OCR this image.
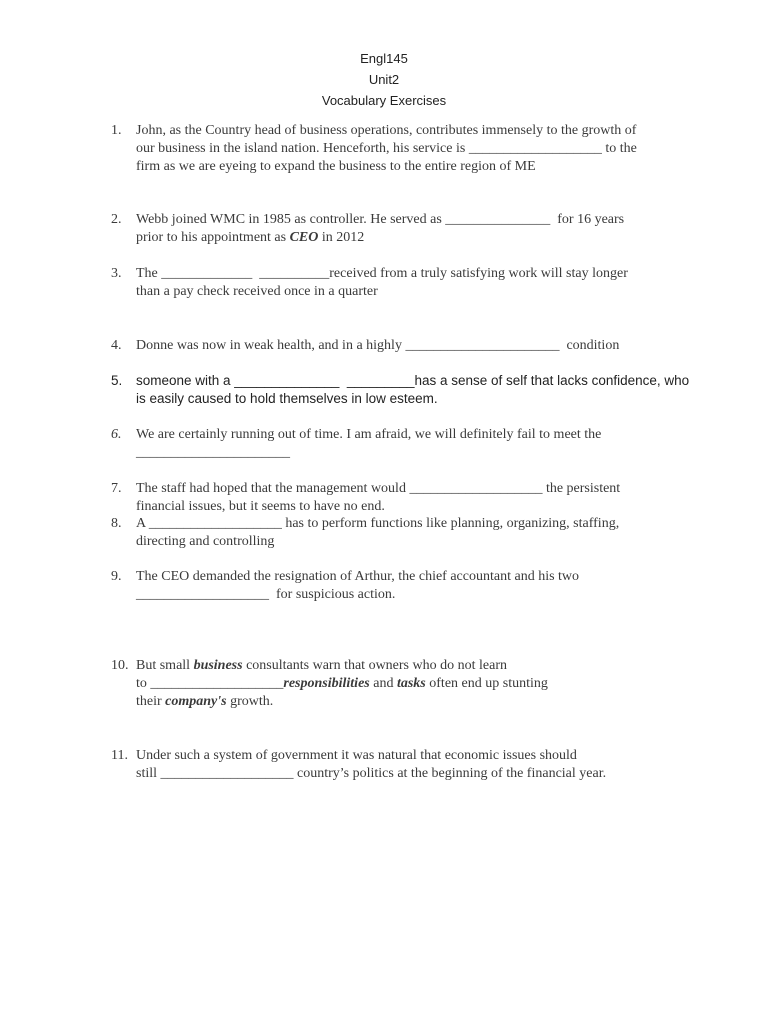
Engl145
Unit2
Vocabulary Exercises
1.	John, as the Country head of business operations, contributes immensely to the growth of
our business in the island nation. Henceforth, his service is ___________________ to the
firm as we are eyeing to expand the business to the entire region of ME
2.	Webb joined WMC in 1985 as controller. He served as _______________  for 16 years
prior to his appointment as CEO in 2012
3.	The _____________  __________received from a truly satisfying work will stay longer
than a pay check received once in a quarter
4.	Donne was now in weak health, and in a highly ______________________  condition
5.	someone with a ______________  _________has a sense of self that lacks confidence, who
is easily caused to hold themselves in low esteem.
6.	We are certainly running out of time. I am afraid, we will definitely fail to meet the
______________________
7.	The staff had hoped that the management would ___________________ the persistent
financial issues, but it seems to have no end.
8.	A ___________________ has to perform functions like planning, organizing, staffing,
directing and controlling
9.	The CEO demanded the resignation of Arthur, the chief accountant and his two
___________________  for suspicious action.
10. But small business consultants warn that owners who do not learn
to ___________________responsibilities and tasks often end up stunting
their company's growth.
11. Under such a system of government it was natural that economic issues should
still ___________________ country’s politics at the beginning of the financial year.
